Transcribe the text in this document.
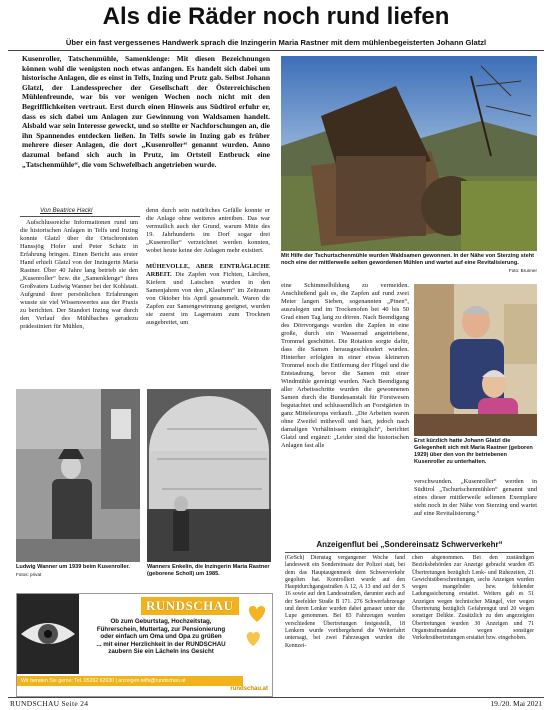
Als die Räder noch rund liefen
Über ein fast vergessenes Handwerk sprach die Inzingerin Maria Rastner mit dem mühlenbegeisterten Johann Glatzl
Kusenroller, Tatschenmühle, Samenklenge: Mit diesen Bezeichnungen können wohl die wenigsten noch etwas anfangen. Es handelt sich dabei um historische Anlagen, die es einst in Telfs, Inzing und Prutz gab. Selbst Johann Glatzl, der Landessprecher der Gesellschaft der Österreichischen Mühlenfreunde, war bis vor wenigen Wochen noch nicht mit den Begrifflichkeiten vertraut. Erst durch einen Hinweis aus Südtirol erfuhr er, dass es sich dabei um Anlagen zur Gewinnung von Waldsamen handelt. Alsbald war sein Interesse geweckt, und so stellte er Nachforschungen an, die ihn Spannendes entdecken ließen. In Telfs sowie in Inzing gab es früher mehrere dieser Anlagen, die dort „Kusenroller“ genannt wurden. Anno dazumal befand sich auch in Prutz, im Ortsteil Entbruck eine „Tatschenmühle“, die vom Schwefelbach angetrieben wurde.
Von Beatrice Hackl

Aufschlussreiche Informationen rund um die historischen Anlagen in Telfs und Inzing konnte Glatzl über die Ortschronisten Hanssjög Hofer und Peter Schatz in Erfahrung bringen. Einen Bericht aus erster Hand erhielt Glatzl von der Inzingerin Maria Rastner. Über 40 Jahre lang betrieb sie den „Kusenroller“ bzw. die „Samenklenge“ ihres Großvaters Ludwig Wanner bei der Kohlstatt. Aufgrund ihrer persönlichen Erfahrungen wusste sie viel Wissenswertes aus der Praxis zu berichten. Der Standort Inzing war durch den Verlauf des Mühlbaches geradezu prädestiniert für Mühlen,

denn durch sein natürliches Gefälle konnte er die Anlage ohne weiteres antreiben. Das war vermutlich auch der Grund, warum Mitte des 19. Jahrhunderts im Dorf sogar drei „Kusenroller“ verzeichnet werden konnten, wobei heute keine der Anlagen mehr existiert.

MÜHEVOLLE, ABER EINTRÄGLICHE ARBEIT. Die Zapfen von Fichten, Lärchen, Kiefern und Latschen wurden in den Samenjahren von den „Klaubern“ im Zeitraum von Oktober bis April gesammelt. Waren die Zapfen zur Samengewinnung geeignet, wurden sie zuerst im Lagerraum zum Trocknen ausgebreitet, um

Mit Hilfe der Tschurtschenmühle wurden Waldsamen gewonnen. In der Nähe von Sterzing steht noch eine der mittlerweile selten gewordenen Mühlen und wartet auf eine Revitalisierung.
Foto: Brunner

eine Schimmelbildung zu vermeiden. Anschließend galt es, die Zapfen auf rund zwei Meter langen Sieben, sogenannten „Pinen“, auszulegen und im Trockenofen bei 40 bis 50 Grad einen Tag lang zu dörren. Nach Beendigung des Dörrvorgangs wurden die Zapfen in eine große, durch ein Wasserrad angetriebene, Trommel geschüttet. Die Rotation sorgte dafür, dass die Samen herausgeschleudert wurden. Hinterher erfolgten in einer etwas kleineren Trommel noch die Entfernung der Flügel und die Entstaubung, bevor die Samen mit einer Windmühle gereinigt wurden. Nach Beendigung aller Arbeitsschritte wurden die gewonnenen Samen durch die Bundesanstalt für Forstwesen begutachtet und schlussendlich an Forstgärten in ganz Mitteleuropa verkauft. „Die Arbeiten waren ohne Zweifel mühevoll und hart, jedoch nach damaligen Verhältnissen einträglich“, berichtet Glatzl und ergänzt: „Leider sind die historischen Anlagen fast alle

Erst kürzlich hatte Johann Glatzl die Gelegenheit sich mit Maria Rastner (geboren 1929) über den von ihr betriebenen Kusenroller zu unterhalten.

verschwunden. „Kusenroller“ werden in Südtirol „Tschurtschenmühlen“ genannt und eines dieser mittlerweile seltenen Exemplare steht noch in der Nähe von Sterzing und wartet auf eine Revitalisierung.“

Ludwig Wanner um 1939 beim Kusenroller. Fotos: privat
Wanners Enkelin, die Inzingerin Maria Rastner (geborene Scholl) um 1985.
RUNDSCHAU
Ob zum Geburtstag, Hochzeitstag,
Führerschein, Muttertag, zur Pensionierung
oder einfach um Oma und Opa zu grüßen
... mit einer Herzlichkeit in der RUNDSCHAU
zaubern Sie ein Lächeln ins Gesicht
Wir beraten Sie gerne: Tel. 05262 62630 | anzeigen.telfs@rundschau.at
rundschau.at
Anzeigenflut bei „Sondereinsatz Schwerverkehr“

(GeSch) Dienstag vergangener Woche fand landesweit ein Sondereinsatz der Polizei statt, bei dem das Hauptaugenmerk dem Schwerverkehr gegolten hat. Kontrolliert wurde auf den Hauptdurchgangsstraßen A 12, A 13 und auf der S 16 sowie auf den Landesstraßen, darunter auch auf der Seefelder Straße B 171. 276 Schwerfahrzeuge und deren Lenker wurden dabei genauer unter die Lupe genommen. Bei 83 Fahrzeugen wurden verschiedene Übertretungen festgestellt, 18 Lenkern wurde vorübergehend die Weiterfahrt untersagt, bei zwei Fahrzeugen wurden die Kennzei-

chen abgenommen. Bei den zuständigen Bezirksbehörden zur Anzeige gebracht wurden 85 Übertretungen bezüglich Lenk- und Ruhezeiten, 21 Gewichtsüberschreitungen, sechs Anzeigen wurden wegen mangelnder bzw. fehlender Ladungssicherung erstattet. Weiters gab es 51 Anzeigen wegen technischer Mängel, vier wegen Übertretung bezüglich Gefahrengut und 20 wegen sonstiger Delikte. Zusätzlich zu den angezeigten Übertretungen wurden 30 Anzeigen und 71 Organstrafmandate wegen sonstiger Verkehrsübertretungen erstattet bzw. eingehoben.

RUNDSCHAU Seite 24	19./20. Mai 2021
